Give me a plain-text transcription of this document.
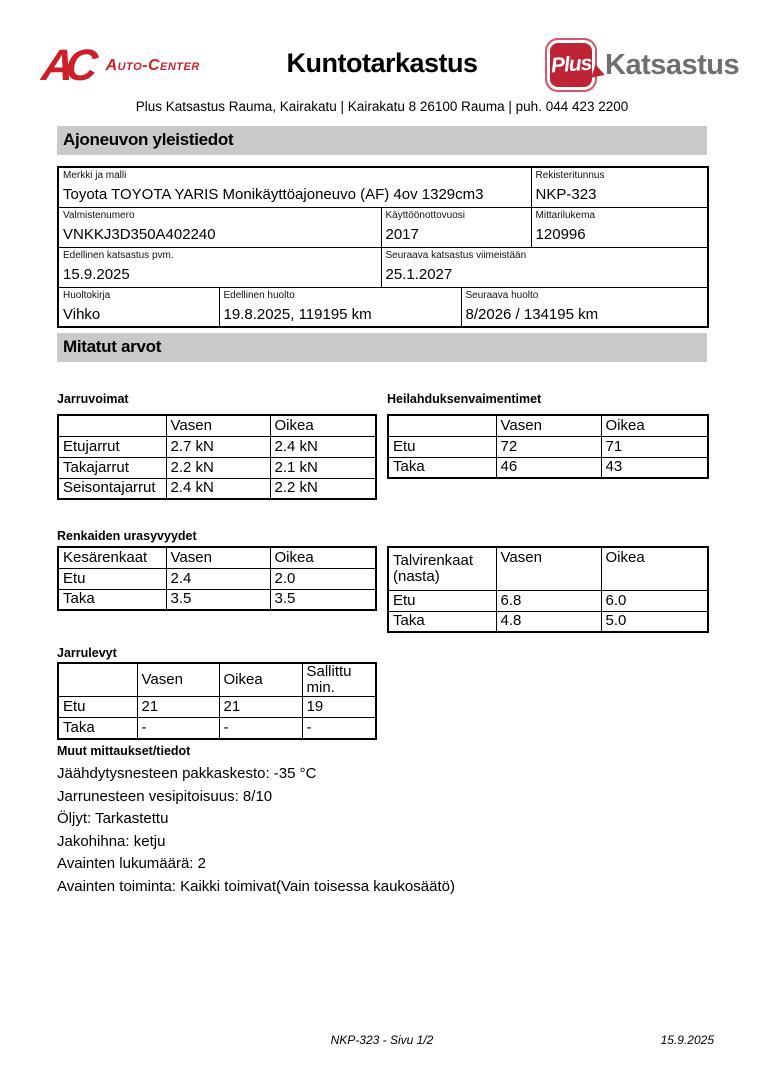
AC Auto-Center	Kuntotarkastus	Plus Katsastus
Plus Katsastus Rauma, Kairakatu | Kairakatu 8 26100 Rauma | puh. 044 423 2200
Ajoneuvon yleistiedot
Merkki ja malli
Toyota TOYOTA YARIS Monikäyttöajoneuvo (AF) 4ov 1329cm3				Rekisteritunnus
NKP-323

Valmistenumero
VNKKJ3D350A402240		Käyttöönottovuosi
2017		Mittarilukema
120996

Edellinen katsastus pvm.
15.9.2025		Seuraava katsastus viimeistään
25.1.2027		

Huoltokirja
Vihko	Edellinen huolto
19.8.2025, 119195 km		Seuraava huolto
8/2026 / 134195 km	
Mitatut arvot
Jarruvoimat
	Vasen	Oikea
Etujarrut	2.7 kN	2.4 kN
Takajarrut	2.2 kN	2.1 kN
Seisontajarrut	2.4 kN	2.2 kN
Heilahduksenvaimentimet
	Vasen	Oikea
Etu	72	71
Taka	46	43
Renkaiden urasyvyydet
Kesärenkaat	Vasen	Oikea
Etu	2.4	2.0
Taka	3.5	3.5
Talvirenkaat (nasta)	Vasen	Oikea
Etu	6.8	6.0
Taka	4.8	5.0
Jarrulevyt
	Vasen	Oikea	Sallittu min.
Etu	21	21	19
Taka	-	-	-
Muut mittaukset/tiedot
Jäähdytysnesteen pakkaskesto: -35 °C
Jarrunesteen vesipitoisuus: 8/10
Öljyt: Tarkastettu
Jakohihna: ketju
Avainten lukumäärä: 2
Avainten toiminta: Kaikki toimivat(Vain toisessa kaukosäätö)
NKP-323 - Sivu 1/2	15.9.2025
